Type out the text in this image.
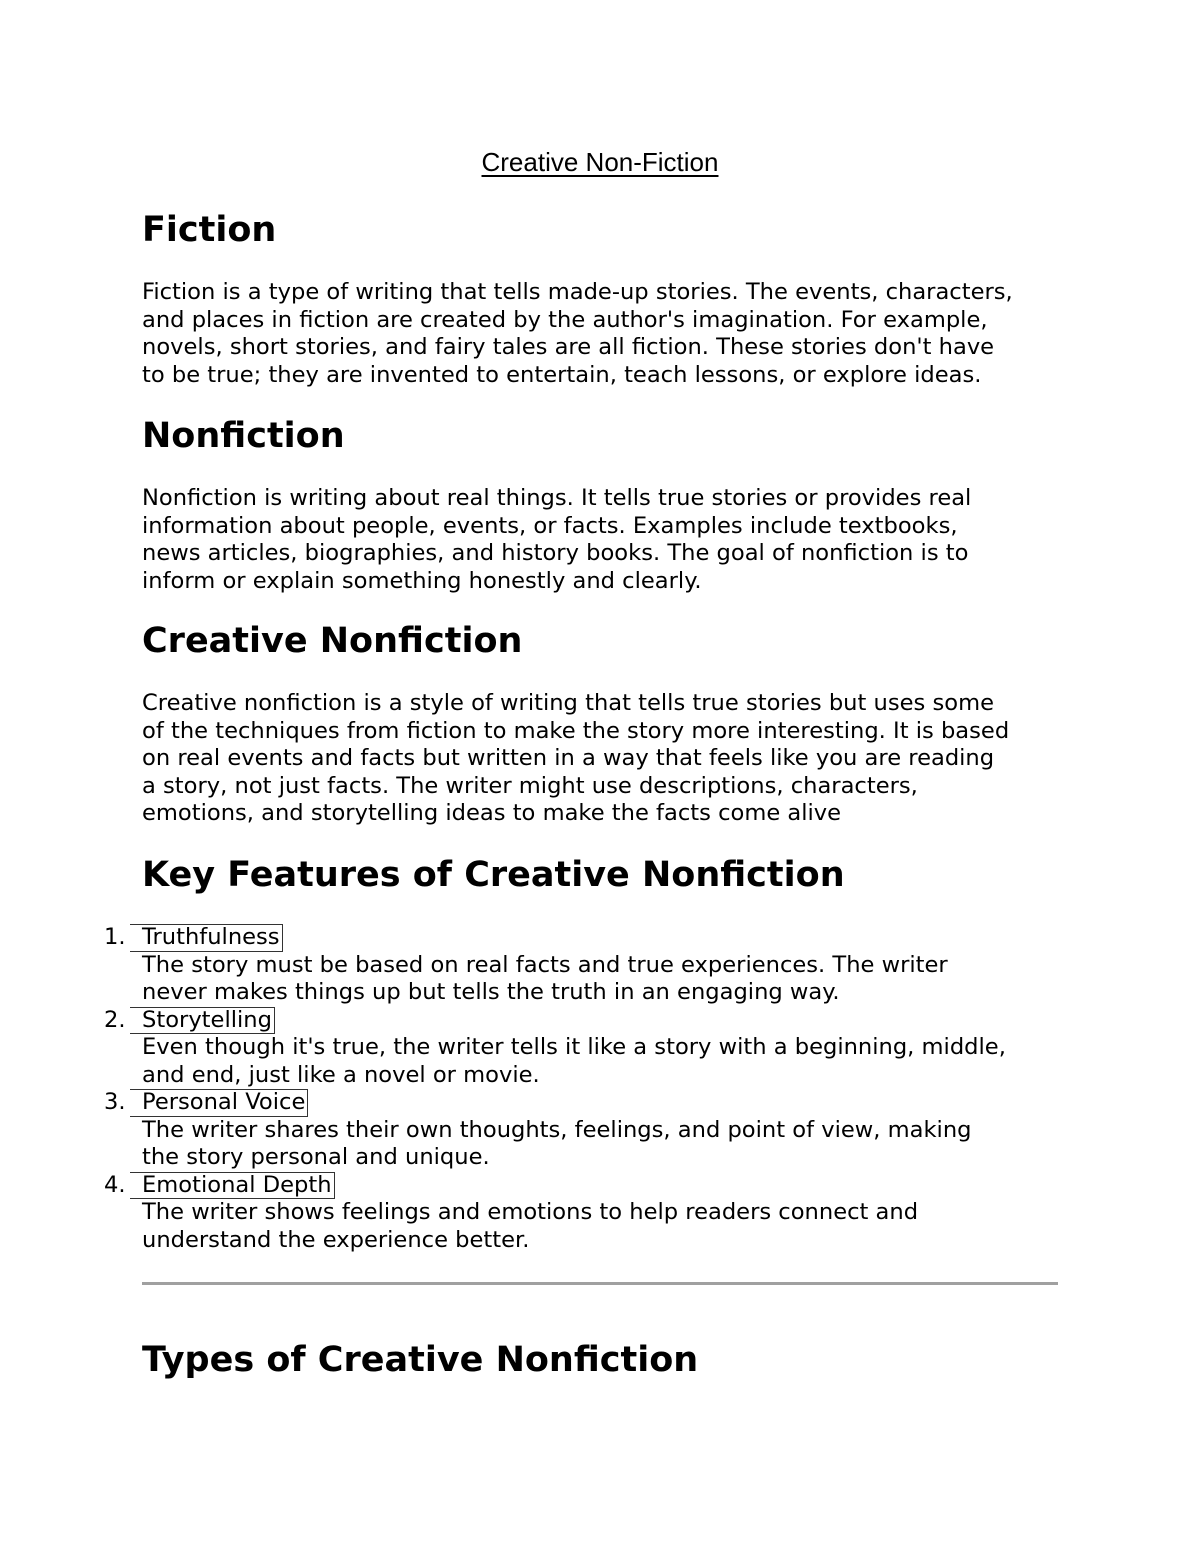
Creative Non-Fiction
Fiction

Fiction is a type of writing that tells made-up stories. The events, characters,
and places in fiction are created by the author's imagination. For example,
novels, short stories, and fairy tales are all fiction. These stories don't have
to be true; they are invented to entertain, teach lessons, or explore ideas.

Nonfiction

Nonfiction is writing about real things. It tells true stories or provides real
information about people, events, or facts. Examples include textbooks,
news articles, biographies, and history books. The goal of nonfiction is to
inform or explain something honestly and clearly.

Creative Nonfiction

Creative nonfiction is a style of writing that tells true stories but uses some
of the techniques from fiction to make the story more interesting. It is based
on real events and facts but written in a way that feels like you are reading
a story, not just facts. The writer might use descriptions, characters,
emotions, and storytelling ideas to make the facts come alive

Key Features of Creative Nonfiction
1. Truthfulness
The story must be based on real facts and true experiences. The writer
never makes things up but tells the truth in an engaging way.
2. Storytelling
Even though it's true, the writer tells it like a story with a beginning, middle,
and end, just like a novel or movie.
3. Personal Voice
The writer shares their own thoughts, feelings, and point of view, making
the story personal and unique.
4. Emotional Depth
The writer shows feelings and emotions to help readers connect and
understand the experience better.
Types of Creative Nonfiction
